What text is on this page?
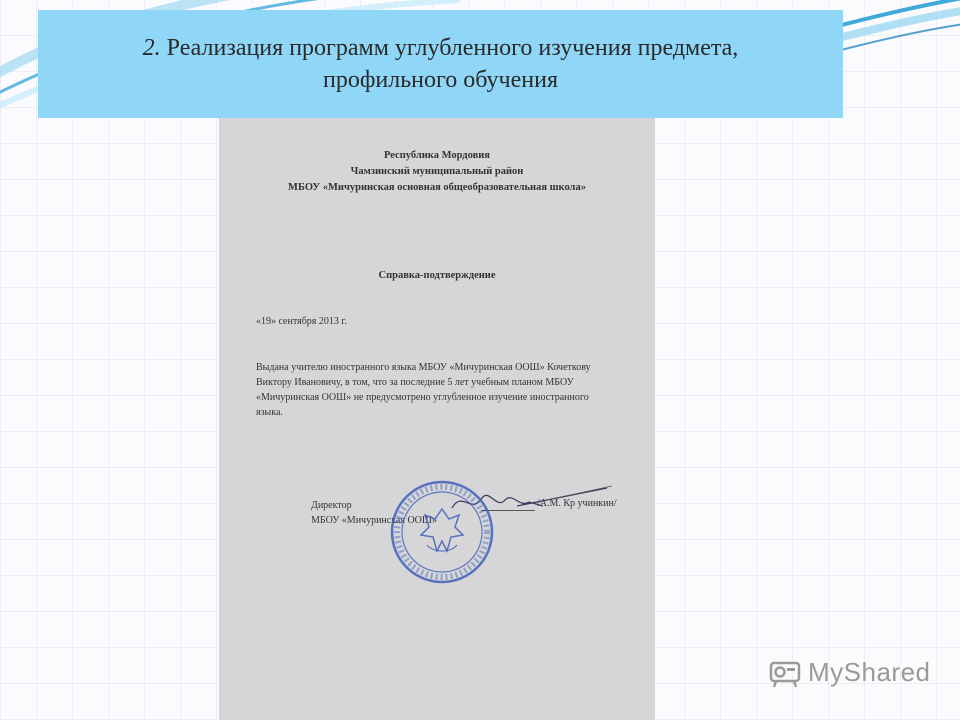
2. Реализация программ углубленного изучения предмета,
профильного обучения
Республика Мордовия
Чамзинский муниципальный район
МБОУ «Мичуринская основная общеобразовательная школа»
Справка-подтверждение
«19» сентября 2013 г.
Выдана учителю иностранного языка МБОУ «Мичуринская ООШ» Кочеткову
Виктору Ивановичу, в том, что за последние 5 лет учебным планом МБОУ
«Мичуринская ООШ» не предусмотрено углубленное изучение иностранного
языка.
Директор
МБОУ «Мичуринская ООШ»
/А.М. Кр учинкин/
MyShared
